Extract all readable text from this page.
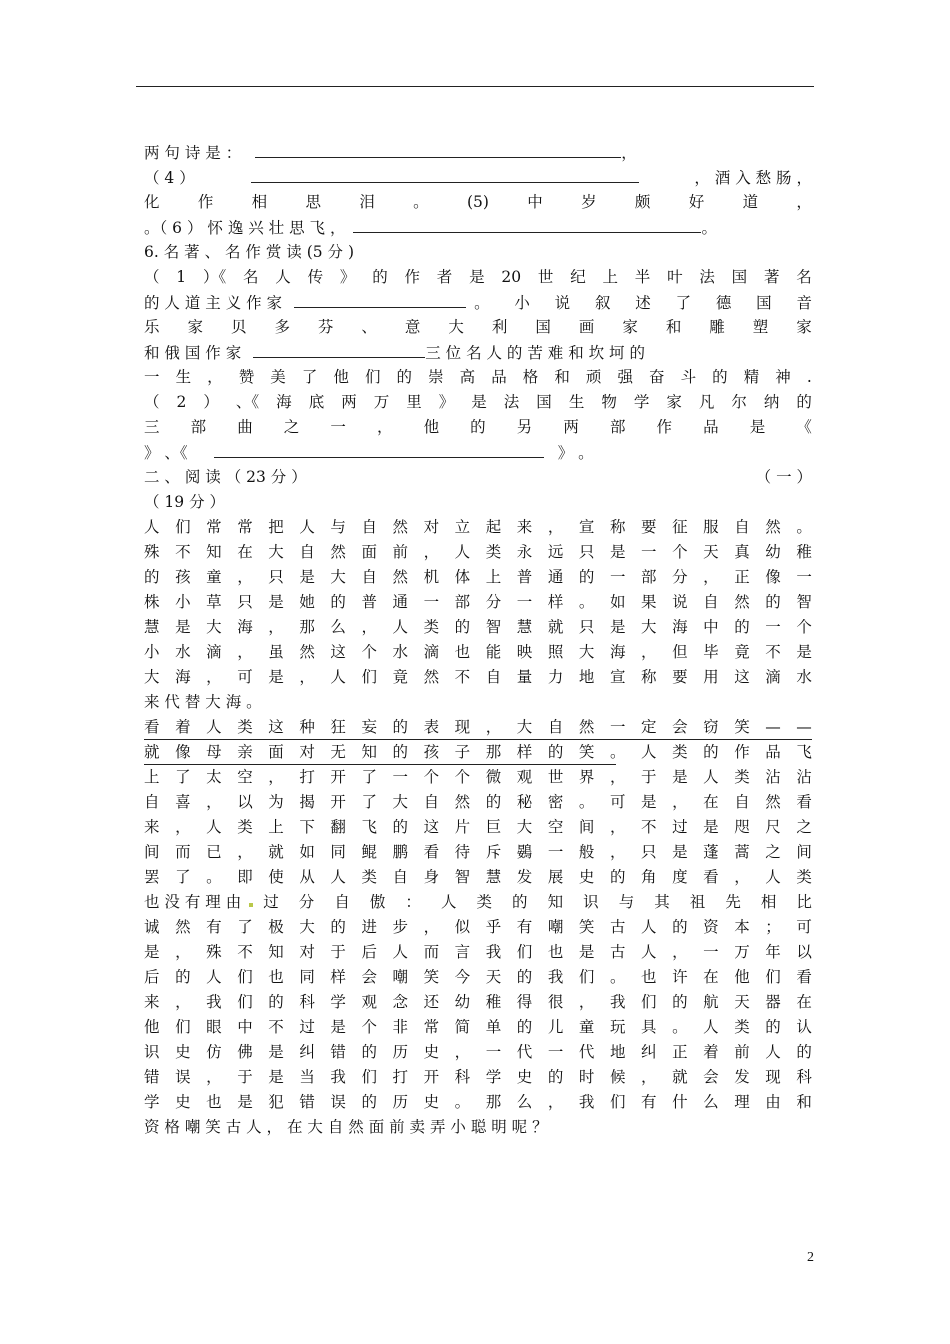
两 句 诗 是 ：	，
（ 4 ）	， 酒 入 愁 肠 ，
化 作 相 思 泪 。 (5) 中 岁 颇 好 道 ，
。（ 6 ） 怀 逸 兴 壮 思 飞 ，	。
6. 名 著 、 名 作 赏 读 (5 分 )
（ 1 ）《 名 人 传 》 的 作 者 是 20 世 纪 上 半 叶 法 国 著 名
的 人 道 主 义 作 家	。 小 说 叙 述 了 德 国 音
乐 家 贝 多 芬 、 意 大 利 国 画 家 和 雕 塑 家
和 俄 国 作 家	三 位 名 人 的 苦 难 和 坎 坷 的
一 生 ， 赞 美 了 他 们 的 崇 高 品 格 和 顽 强 奋 斗 的 精 神 .
（ 2 ） 、《 海 底 两 万 里 》 是 法 国 生 物 学 家 凡 尔 纳 的
三 部 曲 之 一 ， 他 的 另 两 部 作 品 是 《
》 、《	》 。
二 、 阅 读 （ 23 分 ）	（ 一 ）
（ 19 分 ）
人 们 常 常 把 人 与 自 然 对 立 起 来 ， 宣 称 要 征 服 自 然 。
殊 不 知 在 大 自 然 面 前 ， 人 类 永 远 只 是 一 个 天 真 幼 稚
的 孩 童 ， 只 是 大 自 然 机 体 上 普 通 的 一 部 分 ， 正 像 一
株 小 草 只 是 她 的 普 通 一 部 分 一 样 。 如 果 说 自 然 的 智
慧 是 大 海 ， 那 么 ， 人 类 的 智 慧 就 只 是 大 海 中 的 一 个
小 水 滴 ， 虽 然 这 个 水 滴 也 能 映 照 大 海 ， 但 毕 竟 不 是
大 海 ， 可 是 ， 人 们 竟 然 不 自 量 力 地 宣 称 要 用 这 滴 水
来 代 替 大 海 。
看 着 人 类 这 种 狂 妄 的 表 现 ， 大 自 然 一 定 会 窃 笑 — —
就 像 母 亲 面 对 无 知 的 孩 子 那 样 的 笑 。 人 类 的 作 品 飞
上 了 太 空 ， 打 开 了 一 个 个 微 观 世 界 ， 于 是 人 类 沾 沾
自 喜 ， 以 为 揭 开 了 大 自 然 的 秘 密 。 可 是 ， 在 自 然 看
来 ， 人 类 上 下 翻 飞 的 这 片 巨 大 空 间 ， 不 过 是 咫 尺 之
间 而 已 ， 就 如 同 鲲 鹏 看 待 斥 鷃 一 般 ， 只 是 蓬 蒿 之 间
罢 了 。 即 使 从 人 类 自 身 智 慧 发 展 史 的 角 度 看 ， 人 类
也 没 有 理 由 过 分 自 傲 ： 人 类 的 知 识 与 其 祖 先 相 比
诚 然 有 了 极 大 的 进 步 ， 似 乎 有 嘲 笑 古 人 的 资 本 ； 可
是 ， 殊 不 知 对 于 后 人 而 言 我 们 也 是 古 人 ， 一 万 年 以
后 的 人 们 也 同 样 会 嘲 笑 今 天 的 我 们 。 也 许 在 他 们 看
来 ， 我 们 的 科 学 观 念 还 幼 稚 得 很 ， 我 们 的 航 天 器 在
他 们 眼 中 不 过 是 个 非 常 简 单 的 儿 童 玩 具 。 人 类 的 认
识 史 仿 佛 是 纠 错 的 历 史 ， 一 代 一 代 地 纠 正 着 前 人 的
错 误 ， 于 是 当 我 们 打 开 科 学 史 的 时 候 ， 就 会 发 现 科
学 史 也 是 犯 错 误 的 历 史 。 那 么 ， 我 们 有 什 么 理 由 和
资 格 嘲 笑 古 人 ， 在 大 自 然 面 前 卖 弄 小 聪 明 呢 ？
2
